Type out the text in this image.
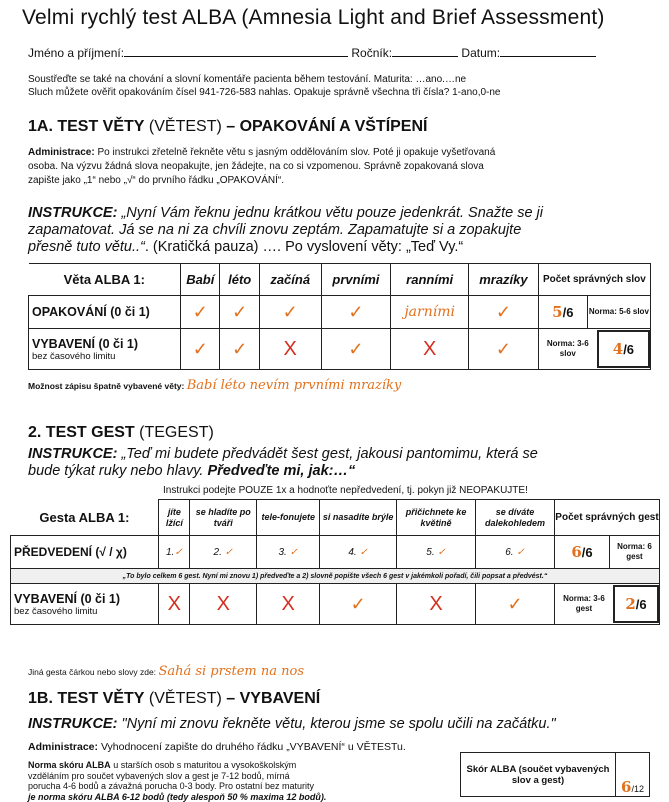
Velmi rychlý test ALBA (Amnesia Light and Brief Assessment)
Jméno a příjmení:	Ročník:	Datum:
Soustřeďte se také na chování a slovní komentáře pacienta během testování. Maturita: …ano.…ne
Sluch můžete ověřit opakováním čísel 941-726-583 nahlas. Opakuje správně všechna tři čísla? 1-ano,0-ne
1A. TEST VĚTY (VĚTEST) – OPAKOVÁNÍ A VŠTÍPENÍ
Administrace: Po instrukci zřetelně řekněte větu s jasným oddělováním slov. Poté ji opakuje vyšetřovaná
osoba. Na výzvu žádná slova neopakujte, jen žádejte, na co si vzpomenou. Správně zopakovaná slova
zapište jako „1“ nebo „√“ do prvního řádku „OPAKOVÁNÍ“.
INSTRUKCE: „Nyní Vám řeknu jednu krátkou větu pouze jedenkrát. Snažte se ji
zapamatovat. Já se na ni za chvíli znovu zeptám. Zapamatujte si a zopakujte
přesně tuto větu..“. (Kratičká pauza) …. Po vyslovení věty: „Teď Vy.“
Věta ALBA 1:	Babí	léto	začíná	prvními	ranními	mrazíky	Počet správných slov
OPAKOVÁNÍ (0 či 1)	✓	✓	✓	✓	jarními	✓	5/6 Norma: 5-6 slov

VYBAVENÍ (0 či 1)
bez časového limitu	✓	✓	X	✓	X	✓	Norma: 3-6 slov 4 /6
Možnost zápisu špatně vybavené věty: Babí léto nevím prvními mrazíky
2. TEST GEST (TEGEST)
INSTRUKCE: „Teď mi budete předvádět šest gest, jakousi pantomimu, která se
bude týkat ruky nebo hlavy. Předveďte mi, jak:…“
Instrukci podejte POUZE 1x a hodnoťte nepředvedení, tj. pokyn již NEOPAKUJTE!
Gesta ALBA 1:	jíte lžící	se hladíte po tváři	tele-fonujete	si nasadíte brýle	přičichnete ke květině	se díváte dalekohledem	Počet správných gest
PŘEDVEDENÍ (√ / χ)	1.✓	2. ✓	3. ✓	4. ✓	5. ✓	6. ✓	6/6 Norma: 6 gest

„To bylo celkem 6 gest. Nyní mi znovu 1) předveďte a 2) slovně popište všech 6 gest v jakémkoli pořadí, čili popsat a předvést.“							
VYBAVENÍ (0 či 1)
bez časového limitu	X	X	X	✓	X	✓	Norma: 3-6 gest 2 /6
Jiná gesta čárkou nebo slovy zde: Sahá si prstem na nos
1B. TEST VĚTY (VĚTEST) – VYBAVENÍ
INSTRUKCE: "Nyní mi znovu řekněte větu, kterou jsme se spolu učili na začátku."
Administrace: Vyhodnocení zapište do druhého řádku „VYBAVENÍ“ u VĚTESTu.
Norma skóru ALBA u starších osob s maturitou a vysokoškolským
vzděláním pro součet vybavených slov a gest je 7-12 bodů, mírná
porucha 4-6 bodů a závažná porucha 0-3 body. Pro ostatní bez maturity
je norma skóru ALBA 6-12 bodů (tedy alespoň 50 % maxima 12 bodů).
Skór ALBA (součet vybavených slov a gest)	6/12
